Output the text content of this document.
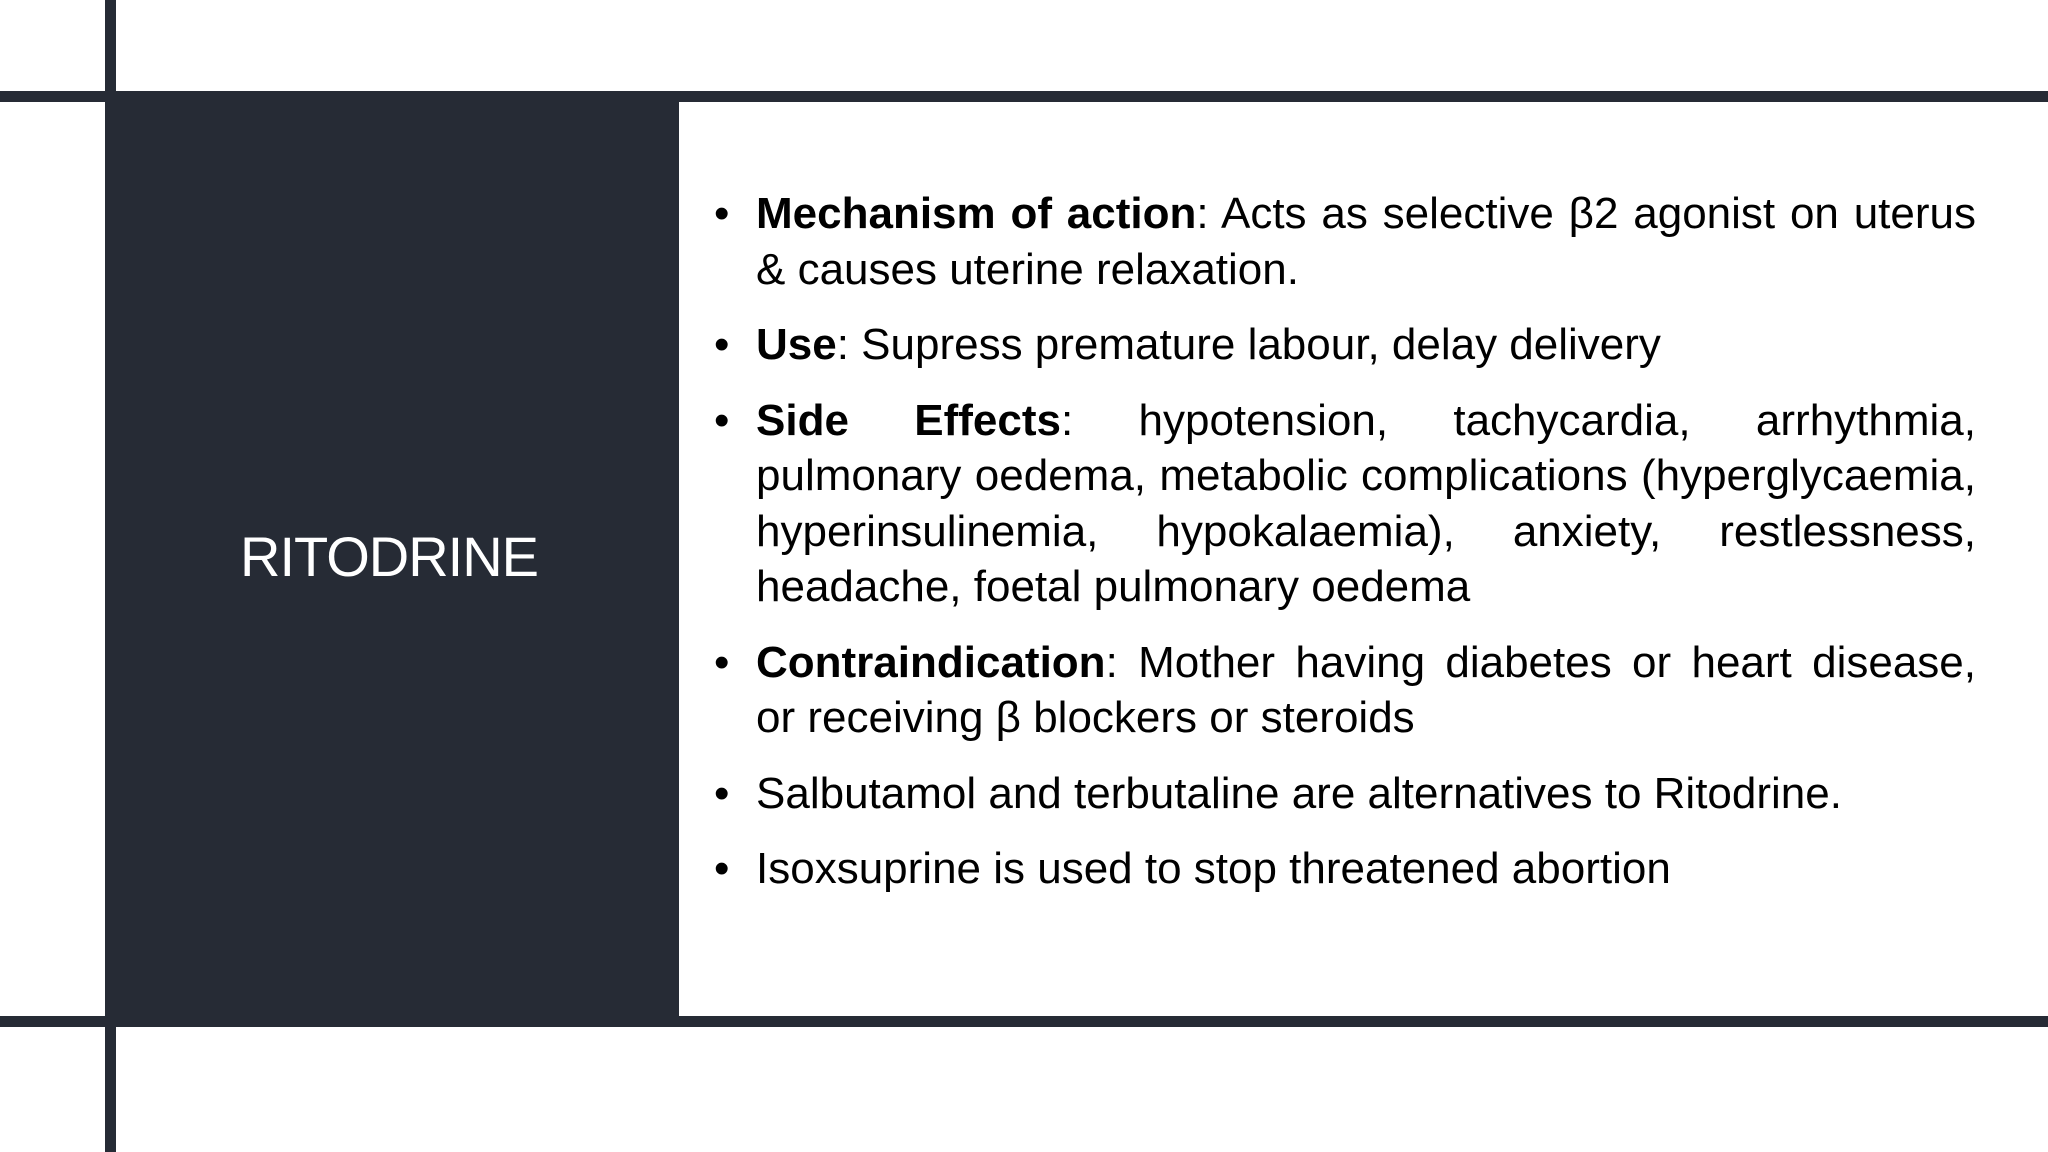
RITODRINE
• Mechanism of action: Acts as selective β2 agonist on uterus & causes uterine relaxation.
• Use: Supress premature labour, delay delivery
• Side Effects: hypotension, tachycardia, arrhythmia, pulmonary oedema, metabolic complications (hyperglycaemia, hyperinsulinemia, hypokalaemia), anxiety, restlessness, headache, foetal pulmonary oedema
• Contraindication: Mother having diabetes or heart disease, or receiving β blockers or steroids
• Salbutamol and terbutaline are alternatives to Ritodrine.
• Isoxsuprine is used to stop threatened abortion
